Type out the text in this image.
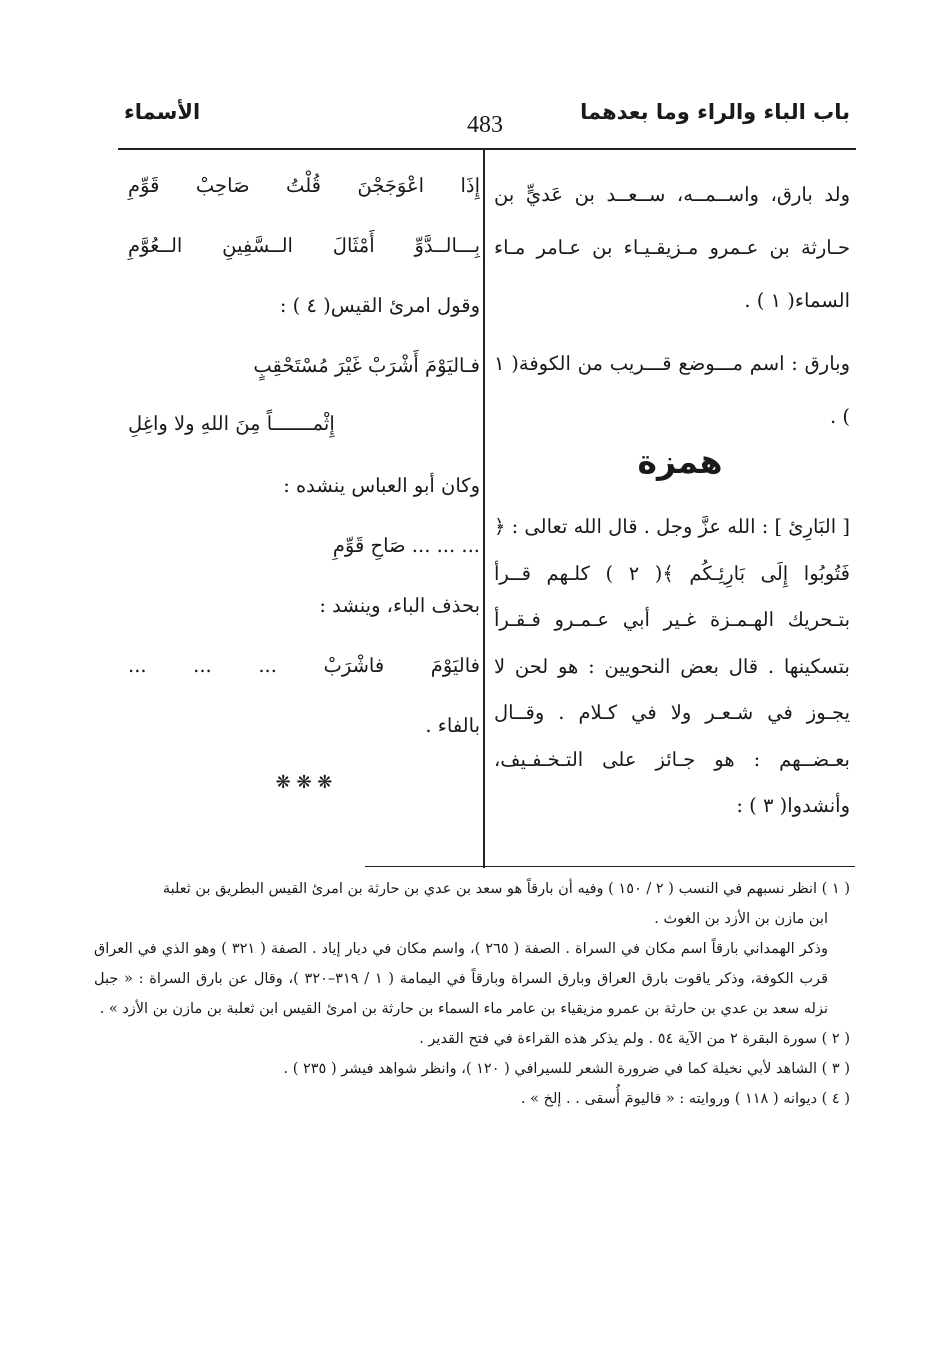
باب الباء والراء وما بعدهما
483
الأسماء

ولد بارق، واســمــه، ســعــد بن عَديٍّ بن حـارثة بن عـمرو مـزيقـيـاء بن عـامر مـاء السماء( ١ ) .

وبارق : اسم مـــوضع قـــريب من الكوفة( ١ ) .

همزة

[ البَارِئ ] : الله عزَّ وجل . قال الله تعالى : ﴿ فَتُوبُوا إِلَى بَارِئِـكُم ﴾( ٢ ) كلـهم قــرأ بتـحريك الهـمـزة غـير أبي عـمـرو فـقـرأ بتسكينها . قال بعض النحويين : هو لحن لا يجـوز في شـعـر ولا في كـلام . وقــال بعـضــهم : هو جـائز على التـخـفـيف، وأنشدوا( ٣ ) :

إِذَا اعْوَجَجْنَ قُلْتُ صَاحِبْ قَوِّمِ
بِـــالــدَّوِّ أَمْثَالَ الــسَّفِينِ الــعُوَّمِ
وقول امرئ القيس( ٤ ) :
فـاليَوْمَ أَشْرَبْ غَيْرَ مُسْتَحْقِبٍ
إِثْمـــــــاً مِنَ اللهِ ولا واغِلِ
وكان أبو العباس ينشده :
... ... ... صَاحِ قَوِّمِ
بحذف الباء، وينشد :
فاليَوْمَ فاشْرَبْ ... ... ...
بالفاء .
❋ ❋ ❋

( ١ ) انظر نسبهم في النسب ( ٢ / ١٥٠ ) وفيه أن بارقاً هو سعد بن عدي بن حارثة بن امرئ القيس البطريق بن ثعلبة

ابن مازن بن الأزد بن الغوث .

وذكر الهمداني بارقاً اسم مكان في السراة . الصفة ( ٢٦٥ )، واسم مكان في ديار إياد . الصفة ( ٣٢١ ) وهو الذي في العراق قرب الكوفة، وذكر ياقوت بارق العراق وبارق السراة وبارقاً في اليمامة ( ١ / ٣١٩–٣٢٠ )، وقال عن بارق السراة : « جبل نزله سعد بن عدي بن حارثة بن عمرو مزيقياء بن عامر ماء السماء بن حارثة بن امرئ القيس ابن ثعلبة بن مازن بن الأزد » .

( ٢ ) سورة البقرة ٢ من الآية ٥٤ . ولم يذكر هذه القراءة في فتح القدير .

( ٣ ) الشاهد لأبي نخيلة كما في ضرورة الشعر للسيرافي ( ١٢٠ )، وانظر شواهد فيشر ( ٢٣٥ ) .

( ٤ ) ديوانه ( ١١٨ ) وروايته : « فاليومَ أُسقى . . إلخ » .
